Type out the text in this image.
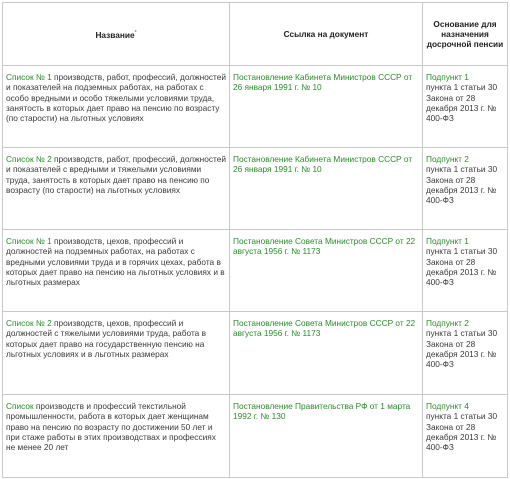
Название*	Ссылка на документ	Основание для назначения досрочной пенсии
Список № 1 производств, работ, профессий, должностей и показателей на подземных работах, на работах с особо вредными и особо тяжелыми условиями труда, занятость в которых дает право на пенсию по возрасту (по старости) на льготных условиях	Постановление Кабинета Министров СССР от 26 января 1991 г. № 10	Подпункт 1
пункта 1 статьи 30 Закона от 28 декабря 2013 г. № 400-ФЗ
Список № 2 производств, работ, профессий, должностей и показателей с вредными и тяжелыми условиями труда, занятость в которых дает право на пенсию по возрасту (по старости) на льготных условиях	Постановление Кабинета Министров СССР от 26 января 1991 г. № 10	Подпункт 2
пункта 1 статьи 30 Закона от 28 декабря 2013 г. № 400-ФЗ
Список № 1 производств, цехов, профессий и должностей на подземных работах, на работах с вредными условиями труда и в горячих цехах, работа в которых дает право на пенсию на льготных условиях и в льготных размерах	Постановление Совета Министров СССР от 22 августа 1956 г. № 1173	Подпункт 1
пункта 1 статьи 30 Закона от 28 декабря 2013 г. № 400-ФЗ
Список № 2 производств, цехов, профессий и должностей с тяжелыми условиями труда, работа в которых дает право на государственную пенсию на льготных условиях и в льготных размерах	Постановление Совета Министров СССР от 22 августа 1956 г. № 1173	Подпункт 2
пункта 1 статьи 30 Закона от 28 декабря 2013 г. № 400-ФЗ
Список производств и профессий текстильной промышленности, работа в которых дает женщинам право на пенсию по возрасту по достижении 50 лет и при стаже работы в этих производствах и профессиях не менее 20 лет	Постановление Правительства РФ от 1 марта 1992 г. № 130	Подпункт 4
пункта 1 статьи 30 Закона от 28 декабря 2013 г. № 400-ФЗ
